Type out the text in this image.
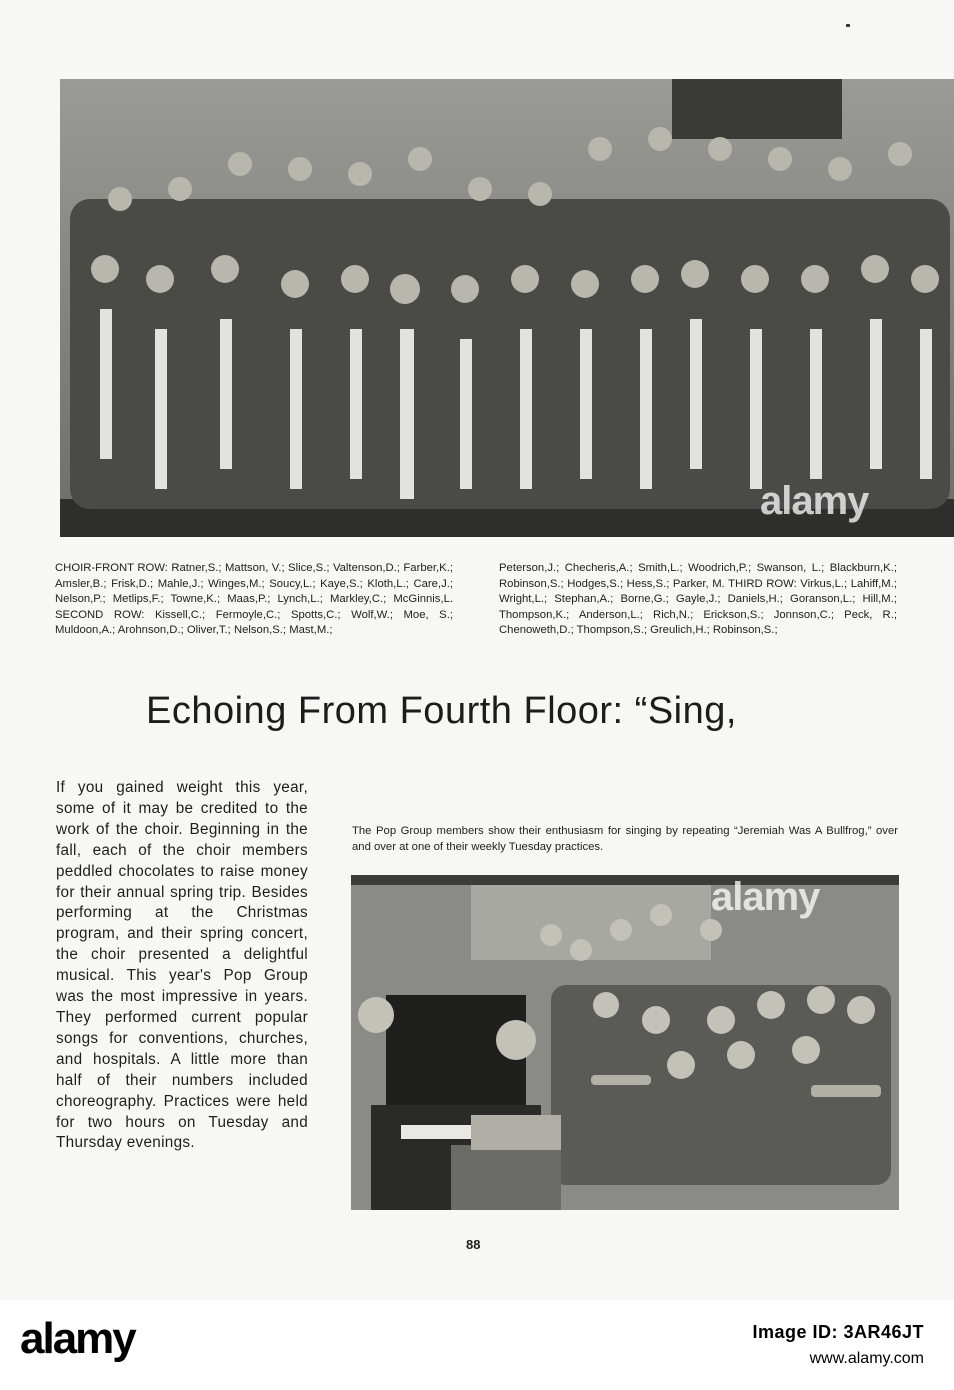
alamy

CHOIR-FRONT ROW: Ratner,S.; Mattson, V.; Slice,S.; Valtenson,D.; Farber,K.; Amsler,B.; Frisk,D.; Mahle,J.; Winges,M.; Soucy,L.; Kaye,S.; Kloth,L.; Care,J.; Nelson,P.; Metlips,F.; Towne,K.; Maas,P.; Lynch,L.; Markley,C.; McGinnis,L. SECOND ROW: Kissell,C.; Fermoyle,C.; Spotts,C.; Wolf,W.; Moe, S.; Muldoon,A.; Arohnson,D.; Oliver,T.; Nelson,S.; Mast,M.;

Peterson,J.; Checheris,A.; Smith,L.; Woodrich,P.; Swanson, L.; Blackburn,K.; Robinson,S.; Hodges,S.; Hess,S.; Parker, M. THIRD ROW: Virkus,L.; Lahiff,M.; Wright,L.; Stephan,A.; Borne,G.; Gayle,J.; Daniels,H.; Goranson,L.; Hill,M.; Thompson,K.; Anderson,L.; Rich,N.; Erickson,S.; Jonnson,C.; Peck, R.; Chenoweth,D.; Thompson,S.; Greulich,H.; Robinson,S.;

Echoing From Fourth Floor: “Sing,

If you gained weight this year, some of it may be credited to the work of the choir. Beginning in the fall, each of the choir members peddled chocolates to raise money for their annual spring trip. Besides performing at the Christmas program, and their spring concert, the choir presented a delightful musical. This year's Pop Group was the most impressive in years. They performed current popular songs for conventions, churches, and hospitals. A little more than half of their numbers included choreography. Practices were held for two hours on Tuesday and Thursday evenings.

The Pop Group members show their enthusiasm for singing by repeating “Jeremiah Was A Bullfrog,” over and over at one of their weekly Tuesday practices.

alamy

88

alamy	Image ID: 3AR46JT

www.alamy.com
